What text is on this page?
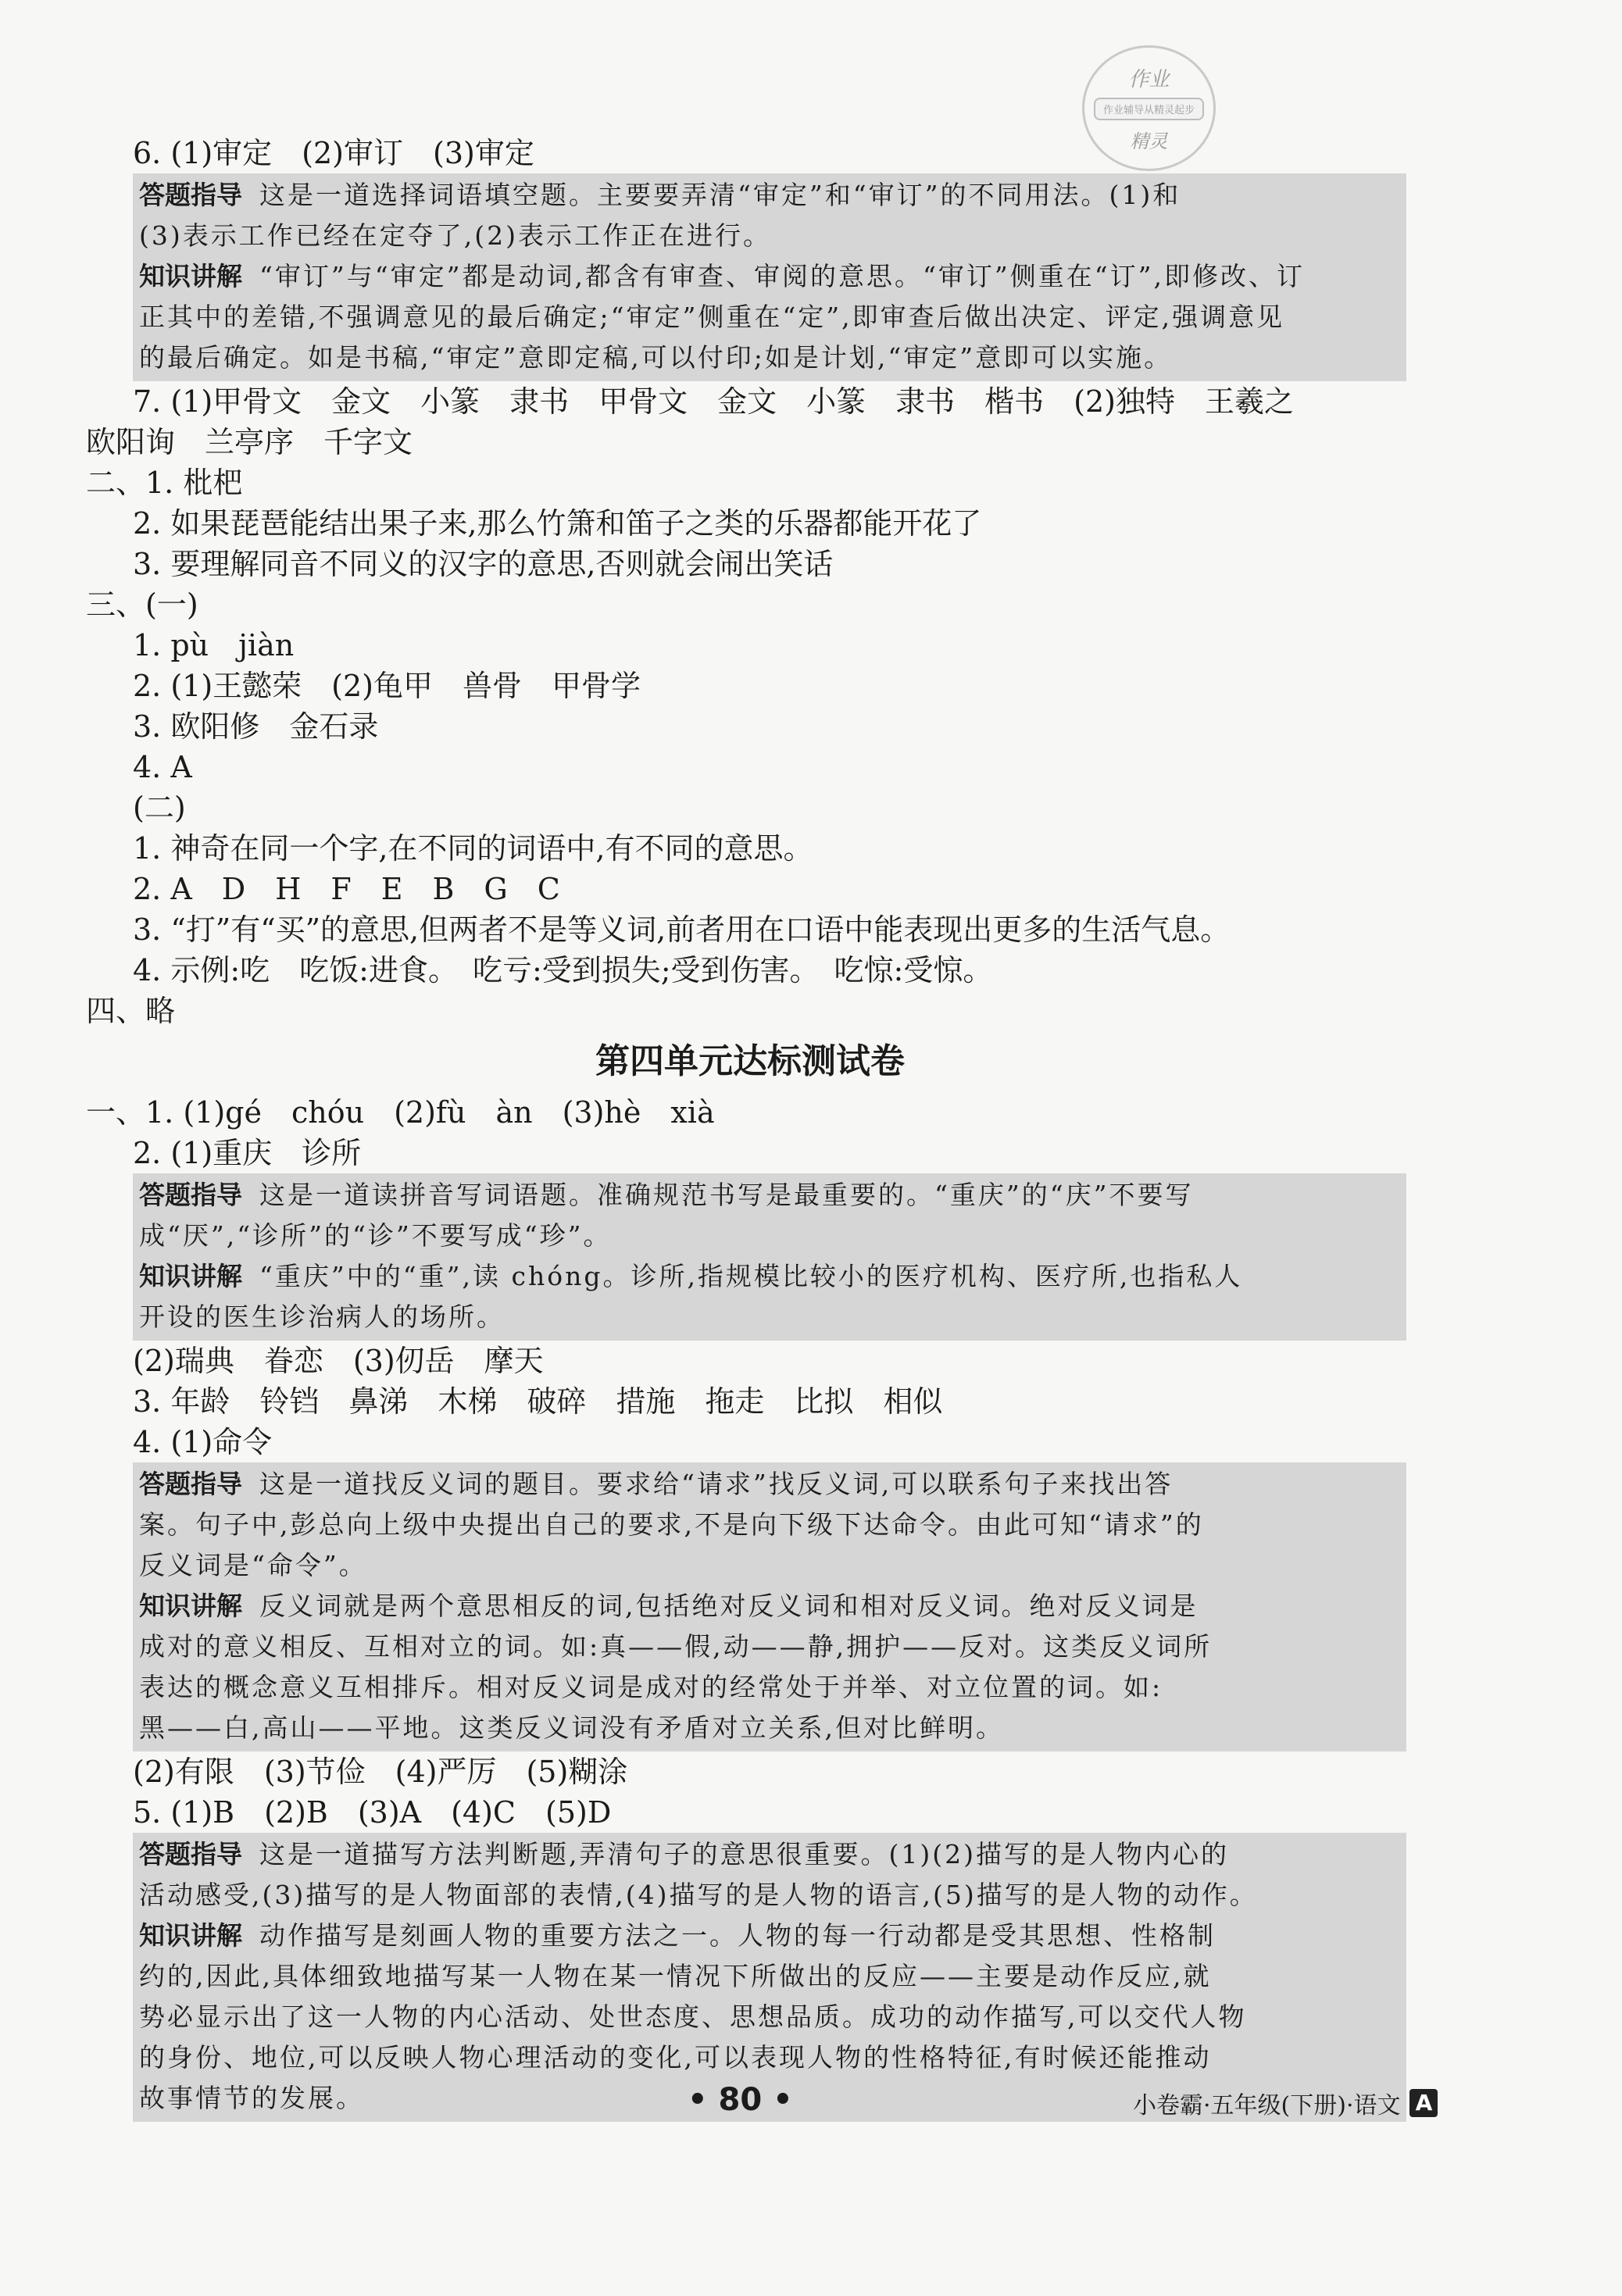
作业
作业辅导从精灵起步
精灵
6. (1)审定　(2)审订　(3)审定

答题指导 这是一道选择词语填空题。主要要弄清“审定”和“审订”的不同用法。(1)和

(3)表示工作已经在定夺了,(2)表示工作正在进行。

知识讲解 “审订”与“审定”都是动词,都含有审查、审阅的意思。“审订”侧重在“订”,即修改、订

正其中的差错,不强调意见的最后确定;“审定”侧重在“定”,即审查后做出决定、评定,强调意见

的最后确定。如是书稿,“审定”意即定稿,可以付印;如是计划,“审定”意即可以实施。

7. (1)甲骨文　金文　小篆　隶书　甲骨文　金文　小篆　隶书　楷书　(2)独特　王羲之
欧阳询　兰亭序　千字文
二、1. 枇杷
2. 如果琵琶能结出果子来,那么竹箫和笛子之类的乐器都能开花了
3. 要理解同音不同义的汉字的意思,否则就会闹出笑话
三、(一)
1. pù　jiàn
2. (1)王懿荣　(2)龟甲　兽骨　甲骨学
3. 欧阳修　金石录
4. A
(二)
1. 神奇在同一个字,在不同的词语中,有不同的意思。
2. A　D　H　F　E　B　G　C
3. “打”有“买”的意思,但两者不是等义词,前者用在口语中能表现出更多的生活气息。
4. 示例:吃　吃饭:进食。　吃亏:受到损失;受到伤害。　吃惊:受惊。
四、略
第四单元达标测试卷
一、1. (1)gé　chóu　(2)fù　àn　(3)hè　xià
2. (1)重庆　诊所

答题指导 这是一道读拼音写词语题。准确规范书写是最重要的。“重庆”的“庆”不要写

成“厌”,“诊所”的“诊”不要写成“珍”。

知识讲解 “重庆”中的“重”,读 chóng。诊所,指规模比较小的医疗机构、医疗所,也指私人

开设的医生诊治病人的场所。

(2)瑞典　眷恋　(3)仞岳　摩天
3. 年龄　铃铛　鼻涕　木梯　破碎　措施　拖走　比拟　相似
4. (1)命令

答题指导 这是一道找反义词的题目。要求给“请求”找反义词,可以联系句子来找出答

案。句子中,彭总向上级中央提出自己的要求,不是向下级下达命令。由此可知“请求”的

反义词是“命令”。

知识讲解 反义词就是两个意思相反的词,包括绝对反义词和相对反义词。绝对反义词是

成对的意义相反、互相对立的词。如:真——假,动——静,拥护——反对。这类反义词所

表达的概念意义互相排斥。相对反义词是成对的经常处于并举、对立位置的词。如:

黑——白,高山——平地。这类反义词没有矛盾对立关系,但对比鲜明。

(2)有限　(3)节俭　(4)严厉　(5)糊涂
5. (1)B　(2)B　(3)A　(4)C　(5)D

答题指导 这是一道描写方法判断题,弄清句子的意思很重要。(1)(2)描写的是人物内心的

活动感受,(3)描写的是人物面部的表情,(4)描写的是人物的语言,(5)描写的是人物的动作。

知识讲解 动作描写是刻画人物的重要方法之一。人物的每一行动都是受其思想、性格制

约的,因此,具体细致地描写某一人物在某一情况下所做出的反应——主要是动作反应,就

势必显示出了这一人物的内心活动、处世态度、思想品质。成功的动作描写,可以交代人物

的身份、地位,可以反映人物心理活动的变化,可以表现人物的性格特征,有时候还能推动

故事情节的发展。	• 80 •	小卷霸·五年级(下册)·语文 A
